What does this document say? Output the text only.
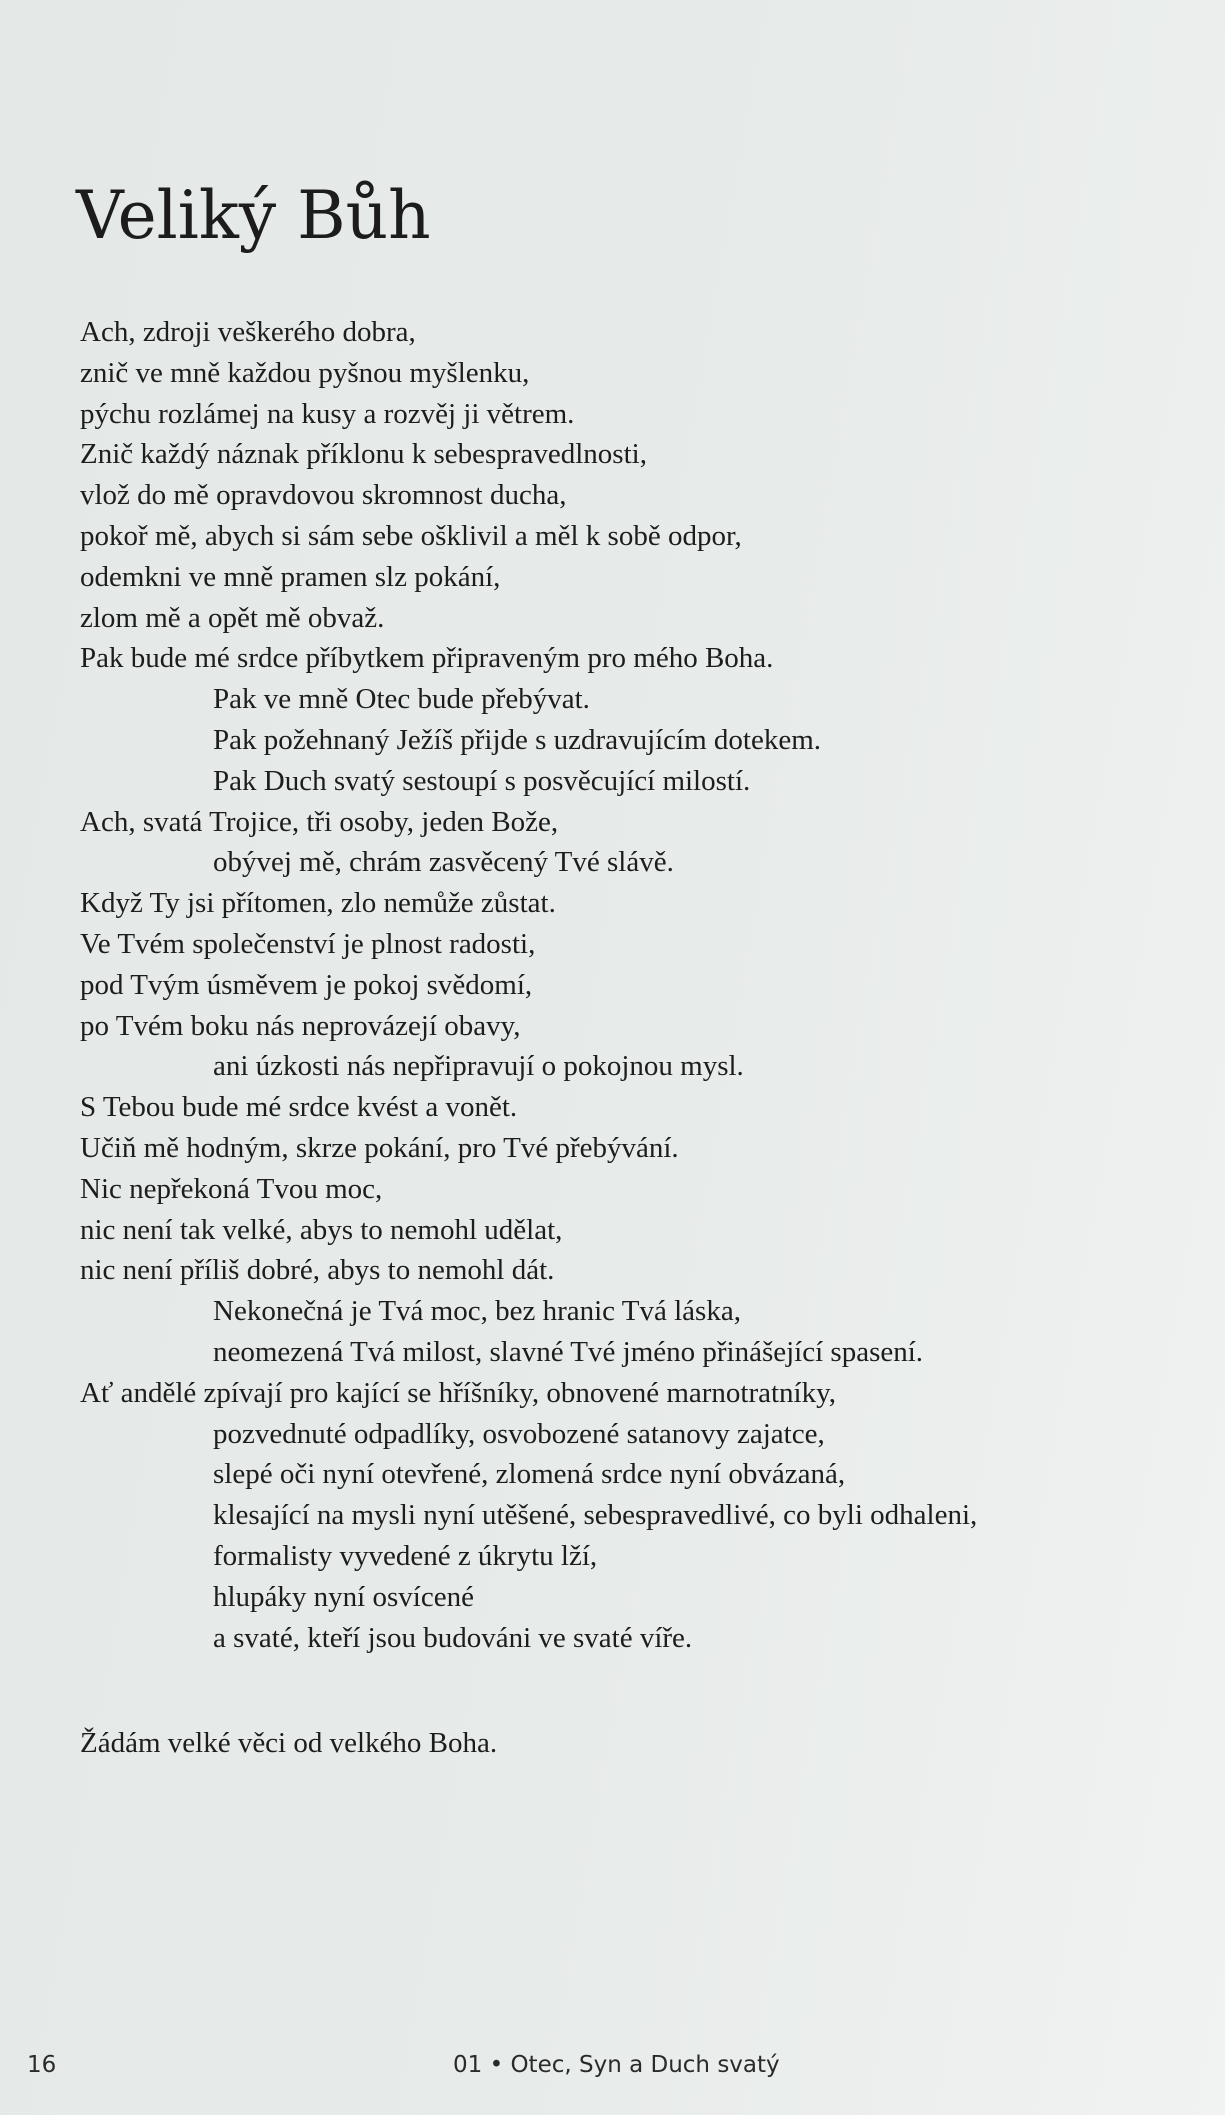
Veliký Bůh
Ach, zdroji veškerého dobra,
znič ve mně každou pyšnou myšlenku,
pýchu rozlámej na kusy a rozvěj ji větrem.
Znič každý náznak příklonu k sebespravedlnosti,
vlož do mě opravdovou skromnost ducha,
pokoř mě, abych si sám sebe ošklivil a měl k sobě odpor,
odemkni ve mně pramen slz pokání,
zlom mě a opět mě obvaž.
Pak bude mé srdce příbytkem připraveným pro mého Boha.
Pak ve mně Otec bude přebývat.
Pak požehnaný Ježíš přijde s uzdravujícím dotekem.
Pak Duch svatý sestoupí s posvěcující milostí.
Ach, svatá Trojice, tři osoby, jeden Bože,
obývej mě, chrám zasvěcený Tvé slávě.
Když Ty jsi přítomen, zlo nemůže zůstat.
Ve Tvém společenství je plnost radosti,
pod Tvým úsměvem je pokoj svědomí,
po Tvém boku nás neprovázejí obavy,
ani úzkosti nás nepřipravují o pokojnou mysl.
S Tebou bude mé srdce kvést a vonět.
Učiň mě hodným, skrze pokání, pro Tvé přebývání.
Nic nepřekoná Tvou moc,
nic není tak velké, abys to nemohl udělat,
nic není příliš dobré, abys to nemohl dát.
Nekonečná je Tvá moc, bez hranic Tvá láska,
neomezená Tvá milost, slavné Tvé jméno přinášející spasení.
Ať andělé zpívají pro kající se hříšníky, obnovené marnotratníky,
pozvednuté odpadlíky, osvobozené satanovy zajatce,
slepé oči nyní otevřené, zlomená srdce nyní obvázaná,
klesající na mysli nyní utěšené, sebespravedlivé, co byli odhaleni,
formalisty vyvedené z úkrytu lží,
hlupáky nyní osvícené
a svaté, kteří jsou budováni ve svaté víře.
Žádám velké věci od velkého Boha.
16	01 • Otec, Syn a Duch svatý
